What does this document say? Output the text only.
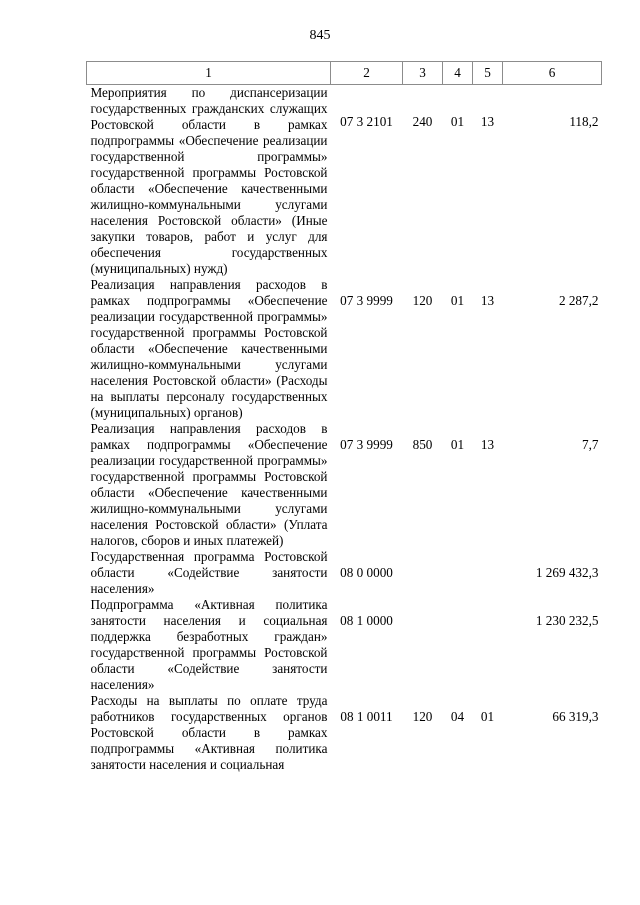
845
1	2	3	4	5	6
Мероприятия по диспансеризации государственных гражданских служащих Ростовской области в рамках подпрограммы «Обеспечение реализации государственной программы» государственной программы Ростовской области «Обеспечение качественными жилищно-коммунальными услугами населения Ростовской области» (Иные закупки товаров, работ и услуг для обеспечения государственных (муниципальных) нужд)	07 3 2101	240	01	13	118,2
Реализация направления расходов в рамках подпрограммы «Обеспечение реализации государственной программы» государственной программы Ростовской области «Обеспечение качественными жилищно-коммунальными услугами населения Ростовской области» (Расходы на выплаты персоналу государственных (муниципальных) органов)	07 3 9999	120	01	13	2 287,2
Реализация направления расходов в рамках подпрограммы «Обеспечение реализации государственной программы» государственной программы Ростовской области «Обеспечение качественными жилищно-коммунальными услугами населения Ростовской области» (Уплата налогов, сборов и иных платежей)	07 3 9999	850	01	13	7,7
Государственная программа Ростовской области «Содействие занятости населения»	08 0 0000				1 269 432,3
Подпрограмма «Активная политика занятости населения и социальная поддержка безработных граждан» государственной программы Ростовской области «Содействие занятости населения»	08 1 0000				1 230 232,5
Расходы на выплаты по оплате труда работников государственных органов Ростовской области в рамках подпрограммы «Активная политика занятости населения и социальная	08 1 0011	120	04	01	66 319,3
